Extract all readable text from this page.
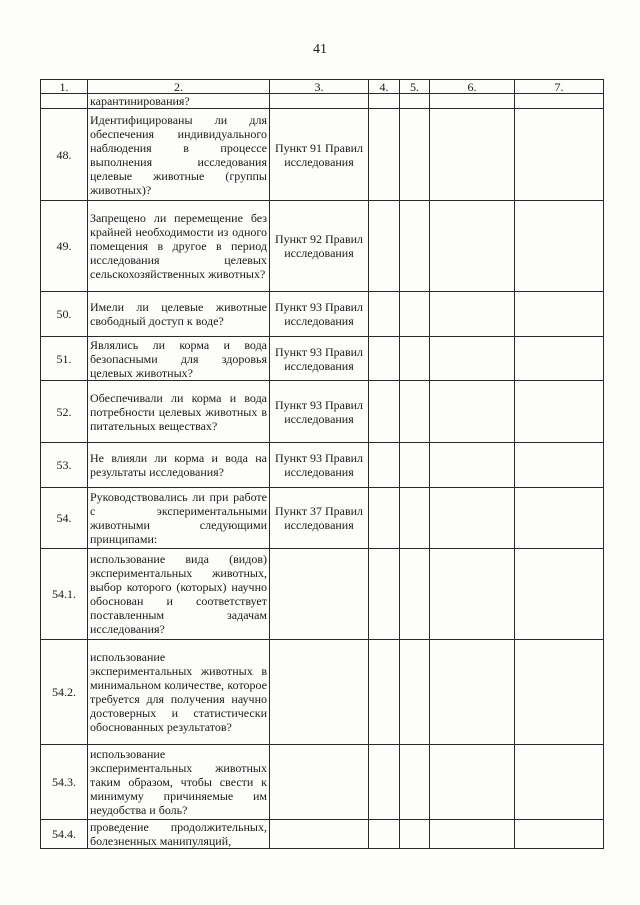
41
1.	2.	3.	4.	5.	6.	7.
	карантинирования?					
48.	Идентифицированы ли для обеспечения индивидуального наблюдения в процессе выполнения исследования целевые животные (группы животных)?	Пункт 91 Правил исследования				
49.	Запрещено ли перемещение без крайней необходимости из одного помещения в другое в период исследования целевых сельскохозяйственных животных?	Пункт 92 Правил исследования				
50.	Имели ли целевые животные свободный доступ к воде?	Пункт 93 Правил исследования				
51.	Являлись ли корма и вода безопасными для здоровья целевых животных?	Пункт 93 Правил исследования				
52.	Обеспечивали ли корма и вода потребности целевых животных в питательных веществах?	Пункт 93 Правил исследования				
53.	Не влияли ли корма и вода на результаты исследования?	Пункт 93 Правил исследования				
54.	Руководствовались ли при работе с экспериментальными животными следующими принципами:	Пункт 37 Правил исследования				
54.1.	использование вида (видов) экспериментальных животных, выбор которого (которых) научно обоснован и соответствует поставленным задачам исследования?					
54.2.	использование экспериментальных животных в минимальном количестве, которое требуется для получения научно достоверных и статистически обоснованных результатов?					
54.3.	использование экспериментальных животных таким образом, чтобы свести к минимуму причиняемые им неудобства и боль?					
54.4.	проведение продолжительных, болезненных манипуляций,					
